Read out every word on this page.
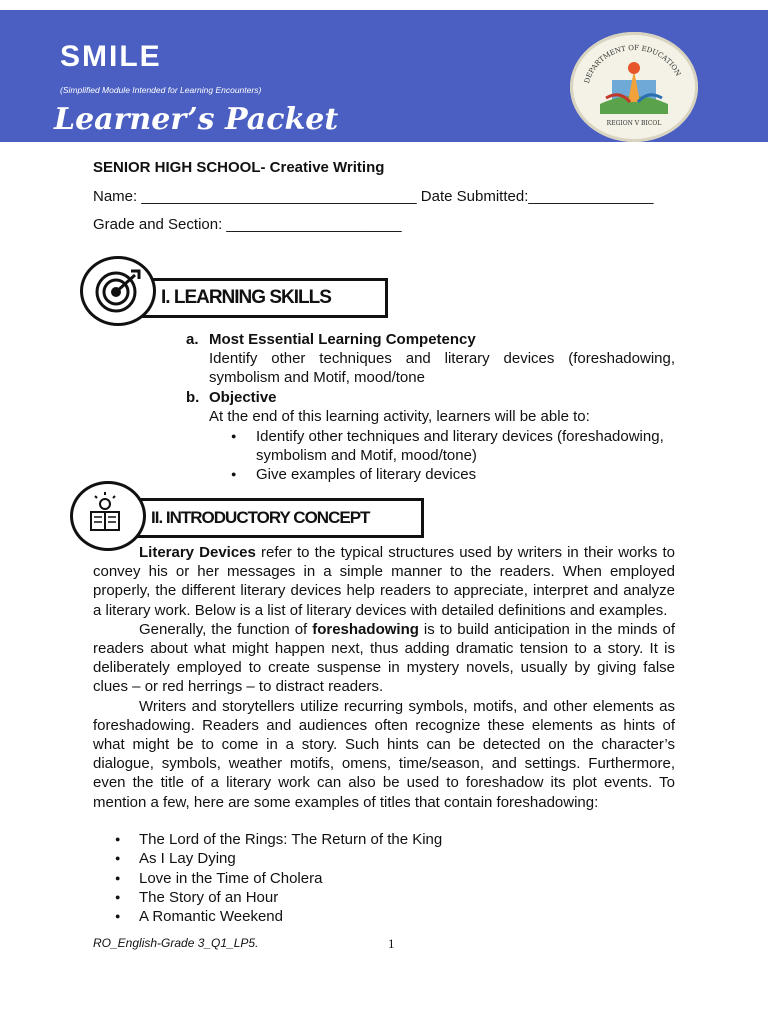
SMILE
(Simplified Module Intended for Learning Encounters)
Learner’s Packet
DEPARTMENT OF EDUCATION
REGION V BICOL
SENIOR HIGH SCHOOL- Creative Writing
Name: _________________________________ Date Submitted:_______________
Grade and Section: _____________________
I. LEARNING SKILLS
a. Most Essential Learning Competency
Identify other techniques and literary devices (foreshadowing, symbolism and Motif, mood/tone
b. Objective
At the end of this learning activity, learners will be able to:
● Identify other techniques and literary devices (foreshadowing, symbolism and Motif, mood/tone)
● Give examples of literary devices
II. INTRODUCTORY CONCEPT

Literary Devices refer to the typical structures used by writers in their works to convey his or her messages in a simple manner to the readers. When employed properly, the different literary devices help readers to appreciate, interpret and analyze a literary work. Below is a list of literary devices with detailed definitions and examples.

Generally, the function of foreshadowing is to build anticipation in the minds of readers about what might happen next, thus adding dramatic tension to a story. It is deliberately employed to create suspense in mystery novels, usually by giving false clues – or red herrings – to distract readers.

Writers and storytellers utilize recurring symbols, motifs, and other elements as foreshadowing. Readers and audiences often recognize these elements as hints of what might be to come in a story. Such hints can be detected on the character’s dialogue, symbols, weather motifs, omens, time/season, and settings. Furthermore, even the title of a literary work can also be used to foreshadow its plot events. To mention a few, here are some examples of titles that contain foreshadowing:

● The Lord of the Rings: The Return of the King
● As I Lay Dying
● Love in the Time of Cholera
● The Story of an Hour
● A Romantic Weekend
RO_English-Grade 3_Q1_LP5.	1
